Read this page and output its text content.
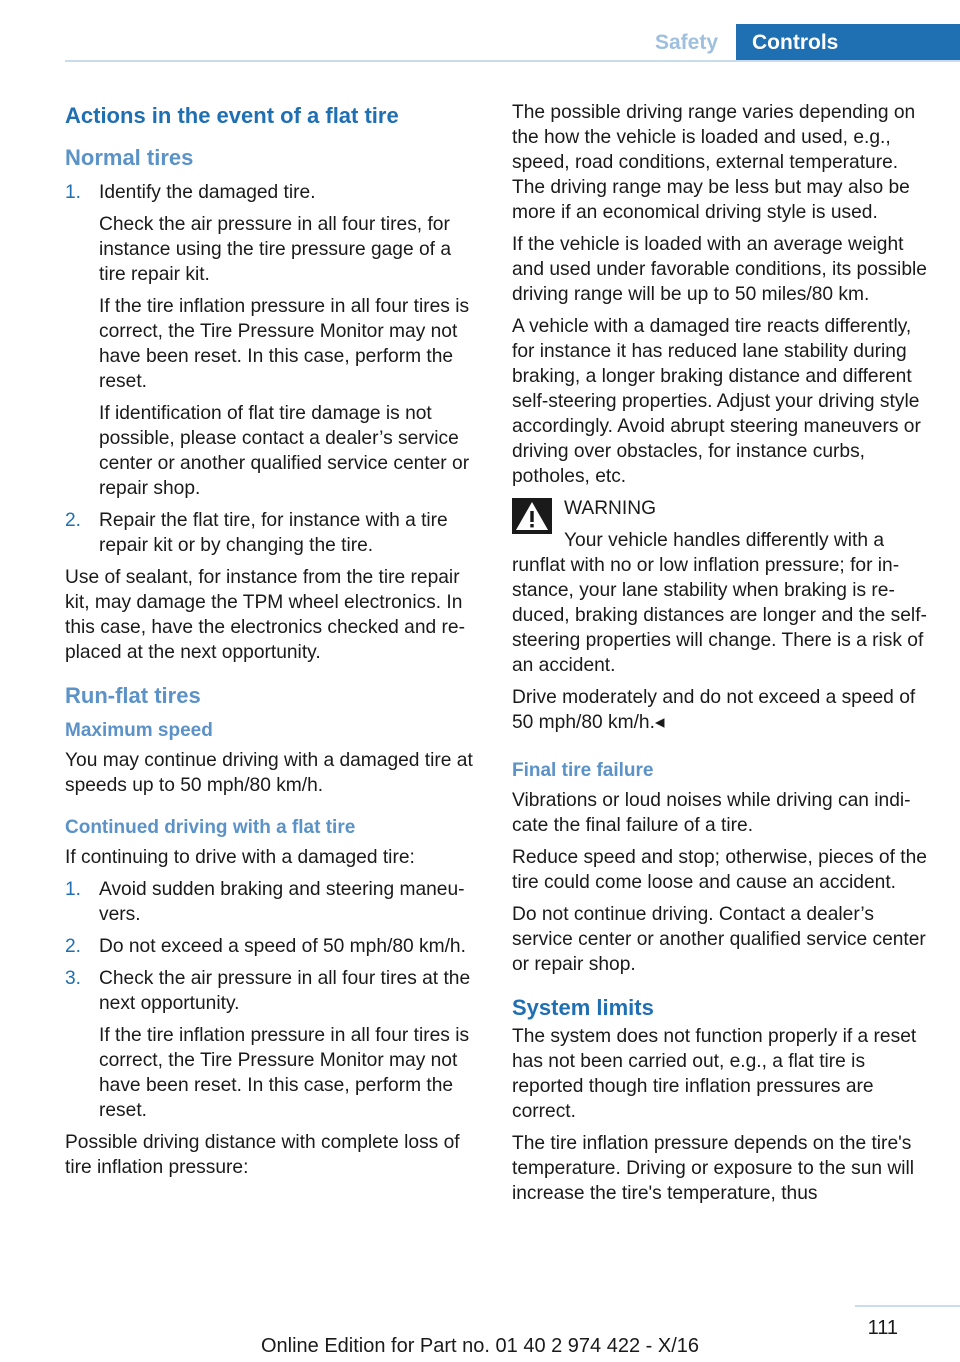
Safety	Controls
Actions in the event of a flat tire
Normal tires
1. Identify the damaged tire.

Check the air pressure in all four tires, for instance using the tire pressure gage of a tire repair kit.

If the tire inflation pressure in all four tires is correct, the Tire Pressure Monitor may not have been reset. In this case, perform the reset.

If identification of flat tire damage is not possible, please contact a dealer’s service center or another qualified service center or repair shop.

2. Repair the flat tire, for instance with a tire repair kit or by changing the tire.

Use of sealant, for instance from the tire repair kit, may damage the TPM wheel electronics. In this case, have the electronics checked and replaced at the next opportunity.

Run-flat tires
Maximum speed

You may continue driving with a damaged tire at speeds up to 50 mph/80 km/h.

Continued driving with a flat tire

If continuing to drive with a damaged tire:

1. Avoid sudden braking and steering maneuvers.

2. Do not exceed a speed of 50 mph/80 km/h.

3. Check the air pressure in all four tires at the next opportunity.

If the tire inflation pressure in all four tires is correct, the Tire Pressure Monitor may not have been reset. In this case, perform the reset.

Possible driving distance with complete loss of tire inflation pressure:

The possible driving range varies depending on the how the vehicle is loaded and used, e.g., speed, road conditions, external temperature. The driving range may be less but may also be more if an economical driving style is used.

If the vehicle is loaded with an average weight and used under favorable conditions, its possible driving range will be up to 50 miles/80 km.

A vehicle with a damaged tire reacts differently, for instance it has reduced lane stability during braking, a longer braking distance and different self-steering properties. Adjust your driving style accordingly. Avoid abrupt steering maneuvers or driving over obstacles, for instance curbs, potholes, etc.

WARNING

Your vehicle handles differently with a
runflat with no or low inflation pressure; for instance, your lane stability when braking is reduced, braking distances are longer and the self-steering properties will change. There is a risk of an accident.

Drive moderately and do not exceed a speed of 50 mph/80 km/h.◂

Final tire failure

Vibrations or loud noises while driving can indicate the final failure of a tire.

Reduce speed and stop; otherwise, pieces of the tire could come loose and cause an accident.

Do not continue driving. Contact a dealer’s service center or another qualified service center or repair shop.

System limits

The system does not function properly if a reset has not been carried out, e.g., a flat tire is reported though tire inflation pressures are correct.

The tire inflation pressure depends on the tire's temperature. Driving or exposure to the sun will increase the tire's temperature, thus

111
Online Edition for Part no. 01 40 2 974 422 - X/16
